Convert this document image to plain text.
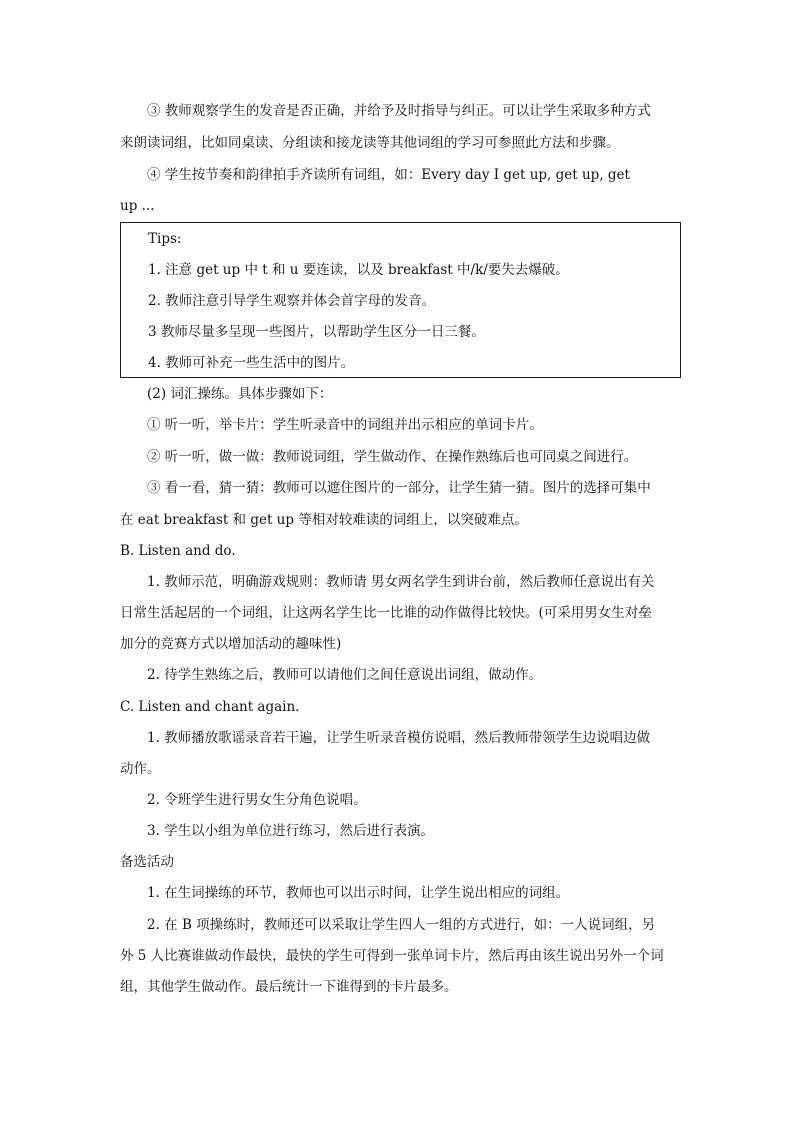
③ 教师观察学生的发音是否正确，并给予及时指导与纠正。可以让学生采取多种方式
来朗读词组，比如同桌读、分组读和接龙读等其他词组的学习可参照此方法和步骤。
④ 学生按节奏和韵律拍手齐读所有词组，如：Every day I get up, get up, get
up ...
Tips:
1. 注意 get up 中 t 和 u 要连读，以及 breakfast 中/k/要失去爆破。
2. 教师注意引导学生观察并体会首字母的发音。
3 教师尽量多呈现一些图片，以帮助学生区分一日三餐。
4. 教师可补充一些生活中的图片。
(2) 词汇操练。具体步骤如下：
① 听一听，举卡片：学生听录音中的词组并出示相应的单词卡片。
② 听一听，做一做：教师说词组，学生做动作、在操作熟练后也可同桌之间进行。
③ 看一看，猜一猜：教师可以遮住图片的一部分，让学生猜一猜。图片的选择可集中
在 eat breakfast 和 get up 等相对较难读的词组上，以突破难点。
B. Listen and do.
1. 教师示范，明确游戏规则：教师请 男女两名学生到讲台前，然后教师任意说出有关
日常生活起居的一个词组，让这两名学生比一比谁的动作做得比较快。(可采用男女生对垒
加分的竞赛方式以增加活动的趣味性)
2. 待学生熟练之后，教师可以请他们之间任意说出词组，做动作。
C. Listen and chant again.
1. 教师播放歌谣录音若干遍，让学生听录音模仿说唱，然后教师带领学生边说唱边做
动作。
2. 令班学生进行男女生分角色说唱。
3. 学生以小组为单位进行练习，然后进行表演。
备选活动
1. 在生词操练的环节，教师也可以出示时间，让学生说出相应的词组。
2. 在 B 项操练时，教师还可以采取让学生四人一组的方式进行，如：一人说词组，另
外 5 人比赛谁做动作最快，最快的学生可得到一张单词卡片，然后再由该生说出另外一个词
组，其他学生做动作。最后统计一下谁得到的卡片最多。
